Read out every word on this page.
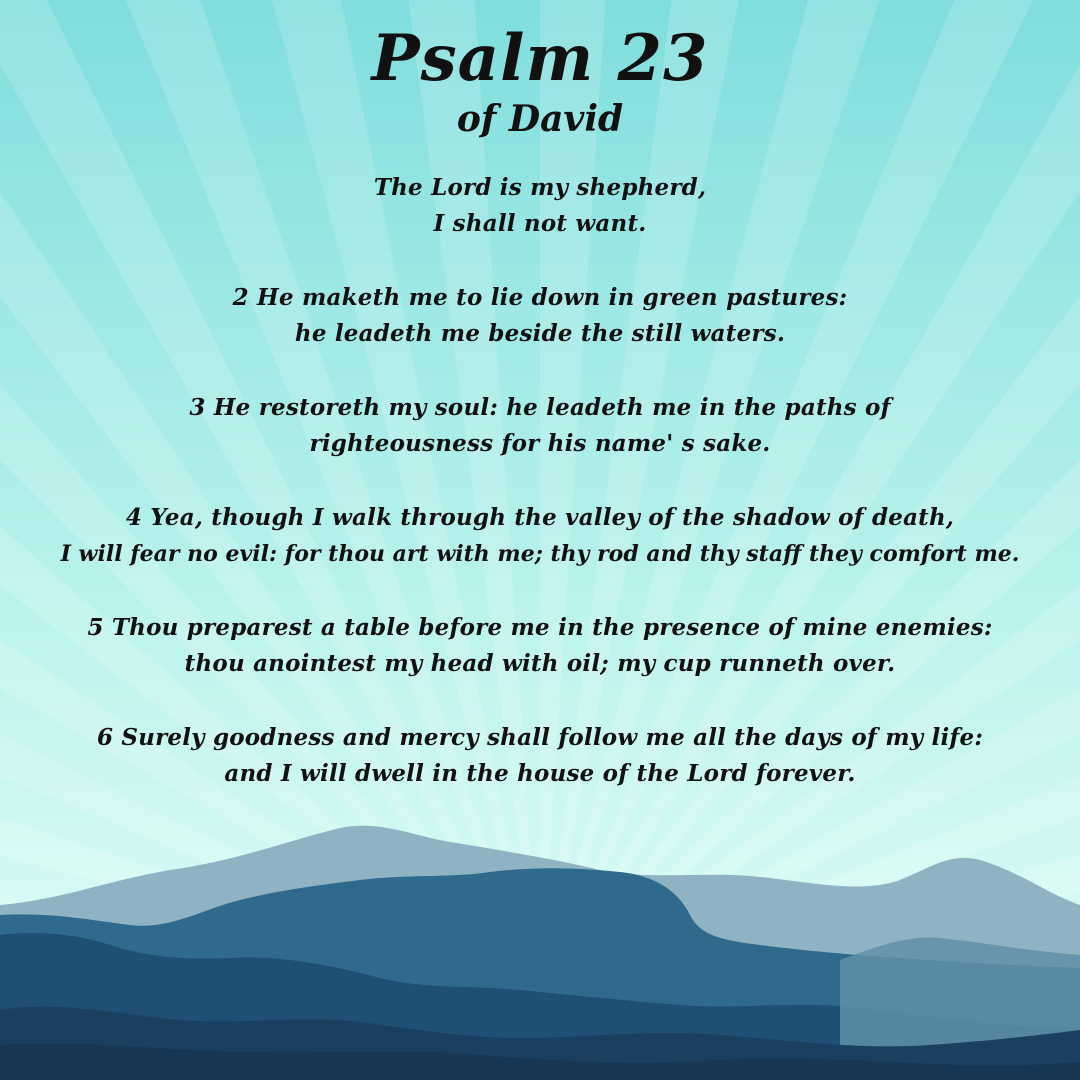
Psalm 23
of David

The Lord is my shepherd,
I shall not want.

2 He maketh me to lie down in green pastures:
he leadeth me beside the still waters.

3 He restoreth my soul: he leadeth me in the paths of
righteousness for his name' s sake.

4 Yea, though I walk through the valley of the shadow of death,
I will fear no evil: for thou art with me; thy rod and thy staff they comfort me.

5 Thou preparest a table before me in the presence of mine enemies:
thou anointest my head with oil; my cup runneth over.

6 Surely goodness and mercy shall follow me all the days of my life:
and I will dwell in the house of the Lord forever.
